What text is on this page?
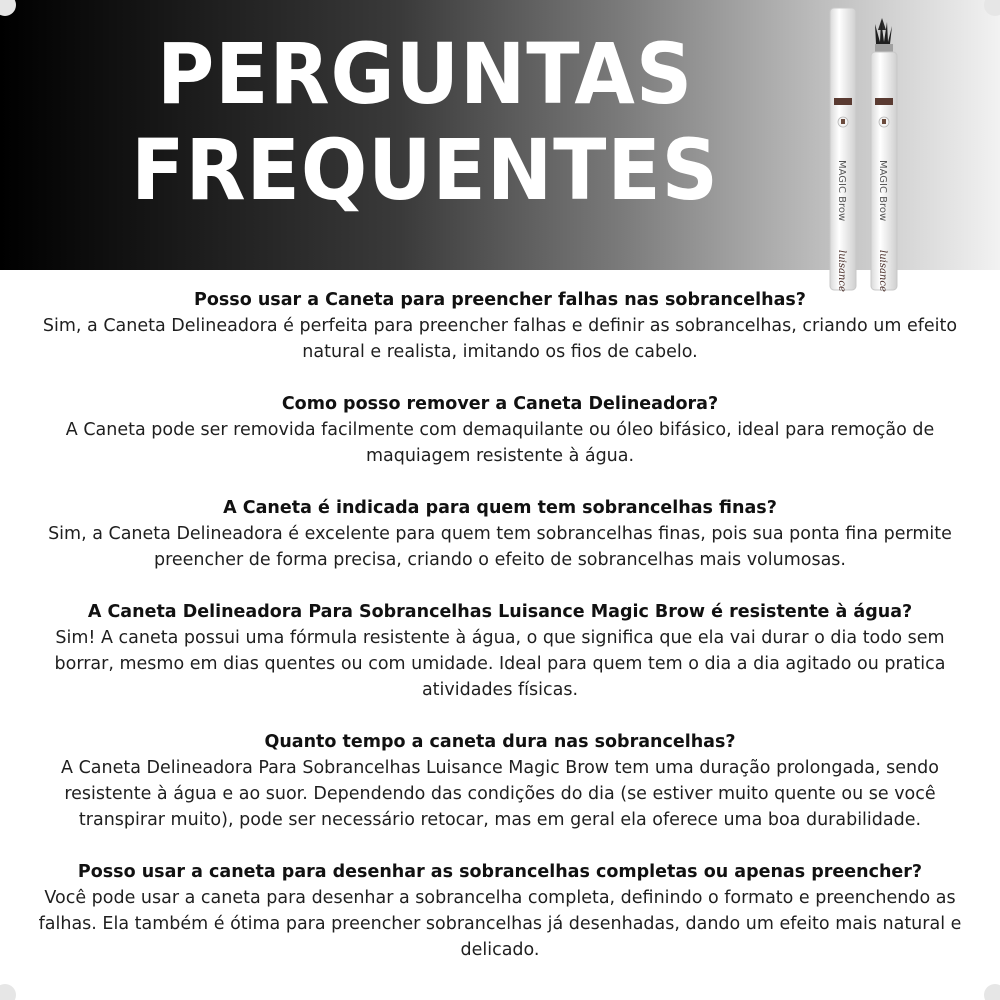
PERGUNTAS
FREQUENTES	MAGIC Brow
luisance
MAGIC Brow
luisance
Posso usar a Caneta para preencher falhas nas sobrancelhas?
Sim, a Caneta Delineadora é perfeita para preencher falhas e definir as sobrancelhas, criando um efeito natural e realista, imitando os fios de cabelo.
Como posso remover a Caneta Delineadora?
A Caneta pode ser removida facilmente com demaquilante ou óleo bifásico, ideal para remoção de maquiagem resistente à água.
A Caneta é indicada para quem tem sobrancelhas finas?
Sim, a Caneta Delineadora é excelente para quem tem sobrancelhas finas, pois sua ponta fina permite preencher de forma precisa, criando o efeito de sobrancelhas mais volumosas.
A Caneta Delineadora Para Sobrancelhas Luisance Magic Brow é resistente à água?
Sim! A caneta possui uma fórmula resistente à água, o que significa que ela vai durar o dia todo sem borrar, mesmo em dias quentes ou com umidade. Ideal para quem tem o dia a dia agitado ou pratica atividades físicas.
Quanto tempo a caneta dura nas sobrancelhas?
A Caneta Delineadora Para Sobrancelhas Luisance Magic Brow tem uma duração prolongada, sendo resistente à água e ao suor. Dependendo das condições do dia (se estiver muito quente ou se você transpirar muito), pode ser necessário retocar, mas em geral ela oferece uma boa durabilidade.
Posso usar a caneta para desenhar as sobrancelhas completas ou apenas preencher?
Você pode usar a caneta para desenhar a sobrancelha completa, definindo o formato e preenchendo as falhas. Ela também é ótima para preencher sobrancelhas já desenhadas, dando um efeito mais natural e delicado.
